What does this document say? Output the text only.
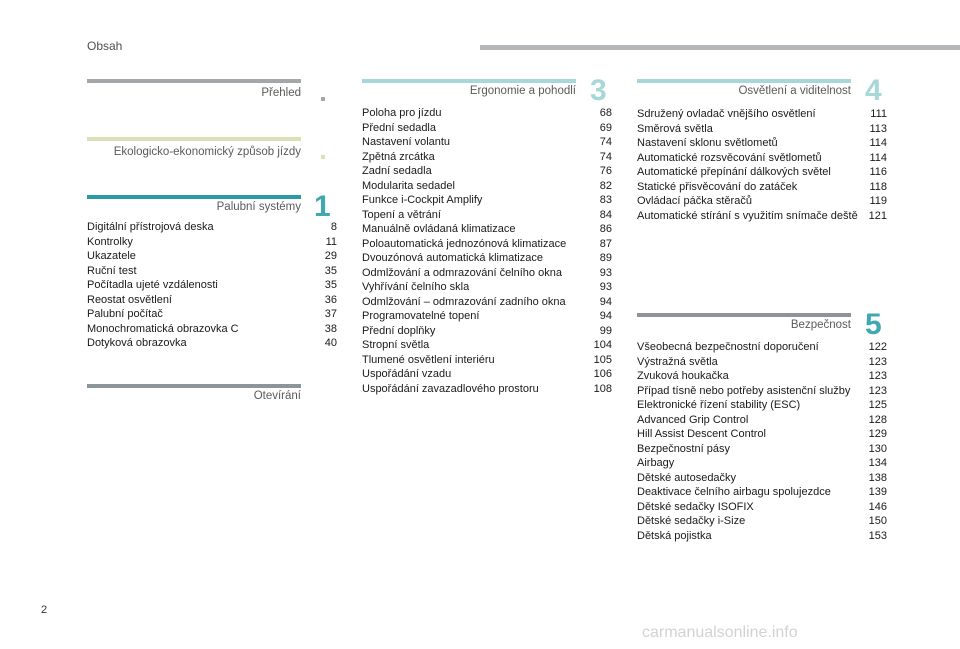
Obsah
Přehled
Ekologicko-ekonomický způsob jízdy
Palubní systémy
Digitální přístrojová deska	8
Kontrolky	11
Ukazatele	29
Ruční test	35
Počítadla ujeté vzdálenosti	35
Reostat osvětlení	36
Palubní počítač	37
Monochromatická obrazovka C	38
Dotyková obrazovka	40
1
Otevírání
Ergonomie a pohodlí
Poloha pro jízdu	68
Přední sedadla	69
Nastavení volantu	74
Zpětná zrcátka	74
Zadní sedadla	76
Modularita sedadel	82
Funkce i-Cockpit Amplify	83
Topení a větrání	84
Manuálně ovládaná klimatizace	86
Poloautomatická jednozónová klimatizace	87
Dvouzónová automatická klimatizace	89
Odmlžování a odmrazování čelního okna	93
Vyhřívání čelního skla	93
Odmlžování – odmrazování zadního okna	94
Programovatelné topení	94
Přední doplňky	99
Stropní světla	104
Tlumené osvětlení interiéru	105
Uspořádání vzadu	106
Uspořádání zavazadlového prostoru	108
3	Osvětlení a viditelnost
Sdružený ovladač vnějšího osvětlení	111
Směrová světla	113
Nastavení sklonu světlometů	114
Automatické rozsvěcování světlometů	114
Automatické přepínání dálkových světel	116
Statické přisvěcování do zatáček	118
Ovládací páčka stěračů	119
Automatické stírání s využitím snímače deště 121
4
Bezpečnost
Všeobecná bezpečnostní doporučení	122
Výstražná světla	123
Zvuková houkačka	123
Případ tísně nebo potřeby asistenční služby 123
Elektronické řízení stability (ESC)	125
Advanced Grip Control	128
Hill Assist Descent Control	129
Bezpečnostní pásy	130
Airbagy	134
Dětské autosedačky	138
Deaktivace čelního airbagu spolujezdce	139
Dětské sedačky ISOFIX	146
Dětské sedačky i-Size	150
Dětská pojistka	153
5
2
carmanualsonline.info
